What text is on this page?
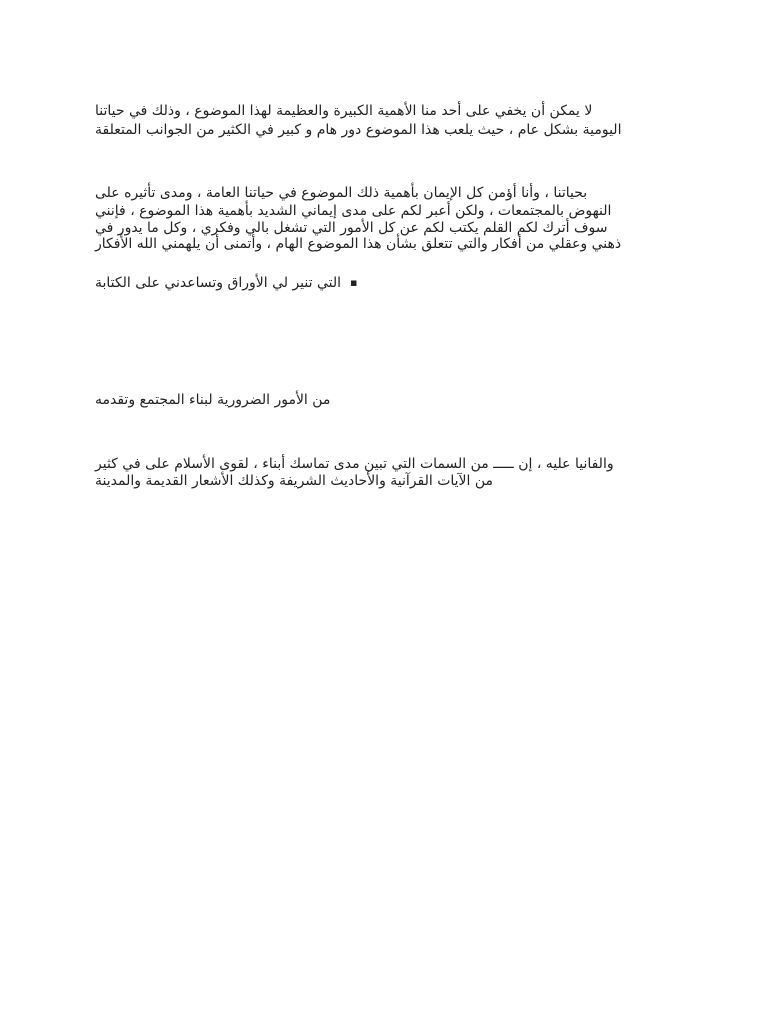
لا يمكن أن يخفي على أحد منا الأهمية الكبيرة والعظيمة لهذا الموضوع ، وذلك في حياتنا
اليومية بشكل عام ، حيث يلعب هذا الموضوع دور هام و كبير في الكثير من الجوانب المتعلقة
بحياتنا ، وأنا أؤمن كل الإيمان بأهمية ذلك الموضوع في حياتنا العامة ، ومدى تأثيره على
النهوض بالمجتمعات ، ولكن أعبر لكم على مدى إيماني الشديد بأهمية هذا الموضوع ، فإنني
سوف أترك لكم القلم يكتب لكم عن كل الأمور التي تشغل بالي وفكري ، وكل ما يدور في
ذهني وعقلي من أفكار والتي تتعلق بشأن هذا الموضوع الهام ، وأتمنى أن يلهمني الله الأفكار
التي تنير لي الأوراق وتساعدني على الكتابة ▪
من الأمور الضرورية لبناء المجتمع وتقدمه
والفانيا عليه ، إن ـــــ من السمات التي تبين مدى تماسك أبناء ، لقوى الأسلام على في كثير
من الآيات القرآنية والأحاديث الشريفة وكذلك الأشعار القديمة والمدينة
